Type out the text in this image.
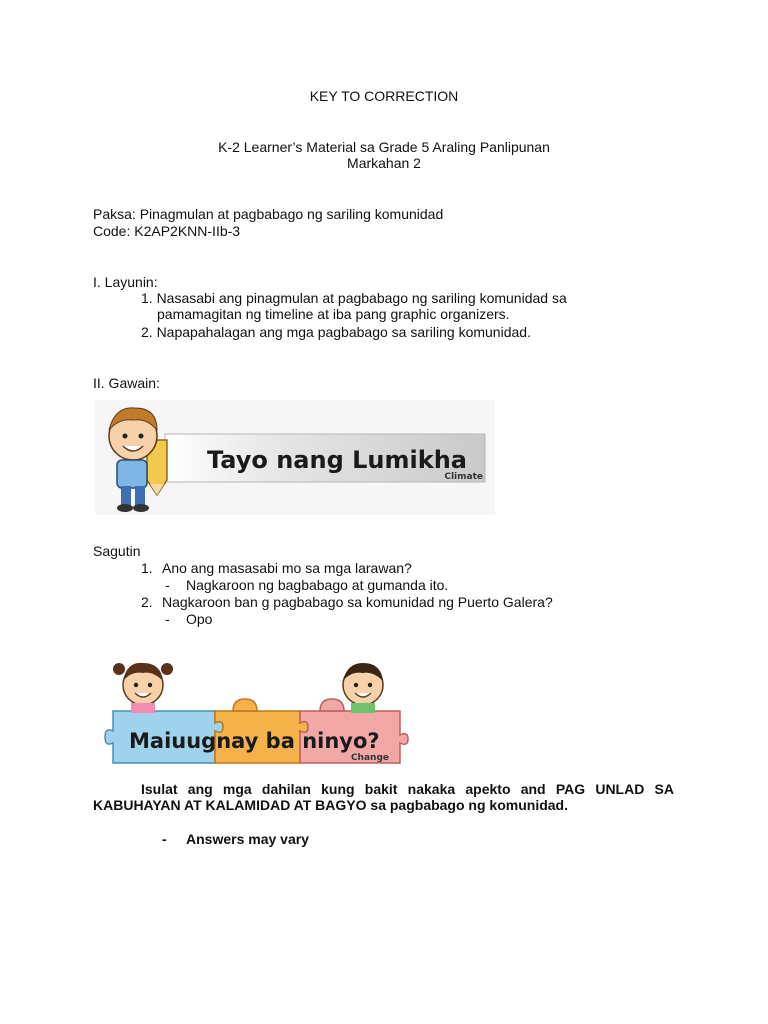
KEY TO CORRECTION
K-2 Learner’s Material sa Grade 5 Araling Panlipunan
Markahan 2
Paksa: Pinagmulan at pagbabago ng sariling komunidad
Code: K2AP2KNN-IIb-3
I. Layunin:
1. Nasasabi ang pinagmulan at pagbabago ng sariling komunidad sa
pamamagitan ng timeline at iba pang graphic organizers.
2. Napapahalagan ang mga pagbabago sa sariling komunidad.
II. Gawain:
Tayo nang Lumikha
Climate
Sagutin
1. Ano ang masasabi mo sa mga larawan?
- Nagkaroon ng bagbabago at gumanda ito.
2. Nagkaroon ban g pagbabago sa komunidad ng Puerto Galera?
- Opo
Maiuugnay ba ninyo?
Change
Isulat ang mga dahilan kung bakit nakaka apekto and PAG UNLAD SA
KABUHAYAN AT KALAMIDAD AT BAGYO sa pagbabago ng komunidad.
- Answers may vary
